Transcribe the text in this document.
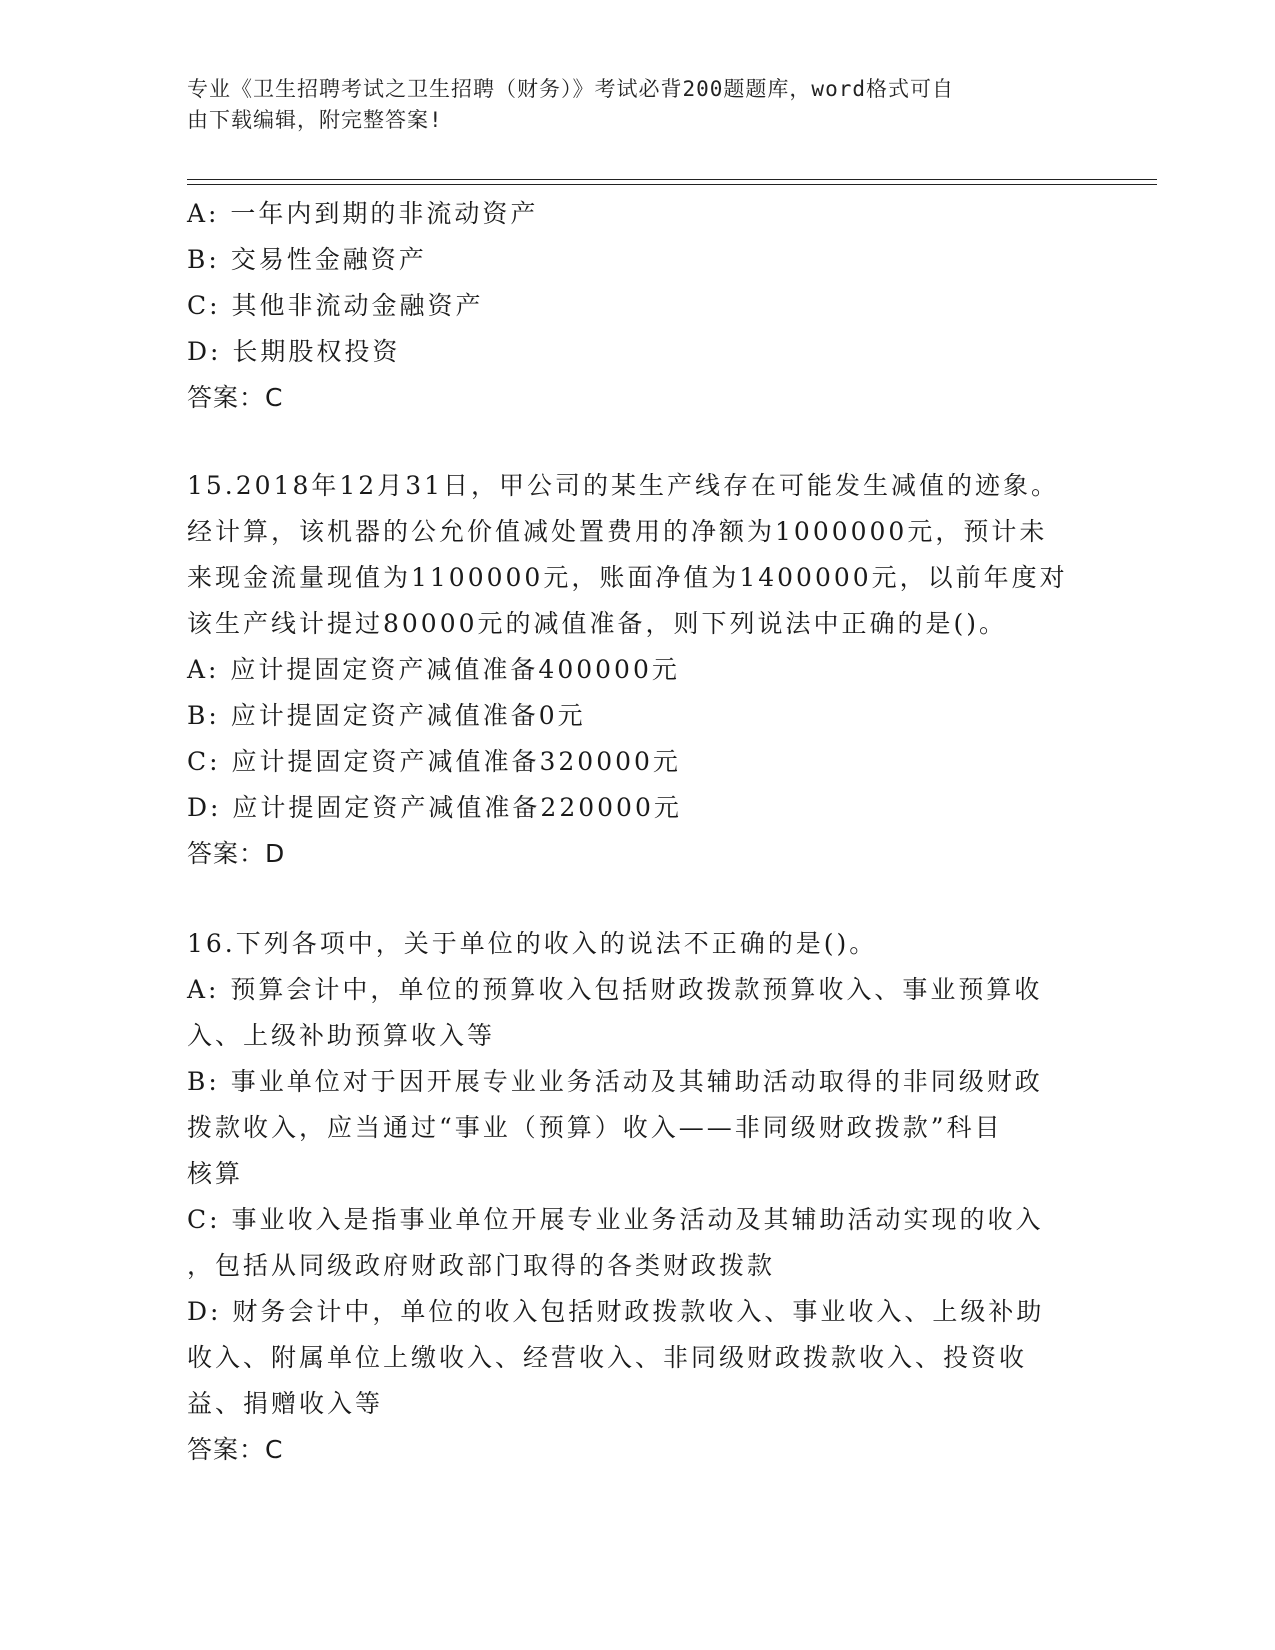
专业《卫生招聘考试之卫生招聘（财务）》考试必背200题题库，word格式可自
由下载编辑，附完整答案!
A: 一年内到期的非流动资产
B: 交易性金融资产
C: 其他非流动金融资产
D: 长期股权投资
答案：C
15.2018年12月31日，甲公司的某生产线存在可能发生减值的迹象。
经计算，该机器的公允价值减处置费用的净额为1000000元，预计未
来现金流量现值为1100000元，账面净值为1400000元，以前年度对
该生产线计提过80000元的减值准备，则下列说法中正确的是()。
A: 应计提固定资产减值准备400000元
B: 应计提固定资产减值准备0元
C: 应计提固定资产减值准备320000元
D: 应计提固定资产减值准备220000元
答案：D
16.下列各项中，关于单位的收入的说法不正确的是()。
A: 预算会计中，单位的预算收入包括财政拨款预算收入、事业预算收
入、上级补助预算收入等
B: 事业单位对于因开展专业业务活动及其辅助活动取得的非同级财政
拨款收入，应当通过“事业（预算）收入——非同级财政拨款”科目
核算
C: 事业收入是指事业单位开展专业业务活动及其辅助活动实现的收入
，包括从同级政府财政部门取得的各类财政拨款
D: 财务会计中，单位的收入包括财政拨款收入、事业收入、上级补助
收入、附属单位上缴收入、经营收入、非同级财政拨款收入、投资收
益、捐赠收入等
答案：C
